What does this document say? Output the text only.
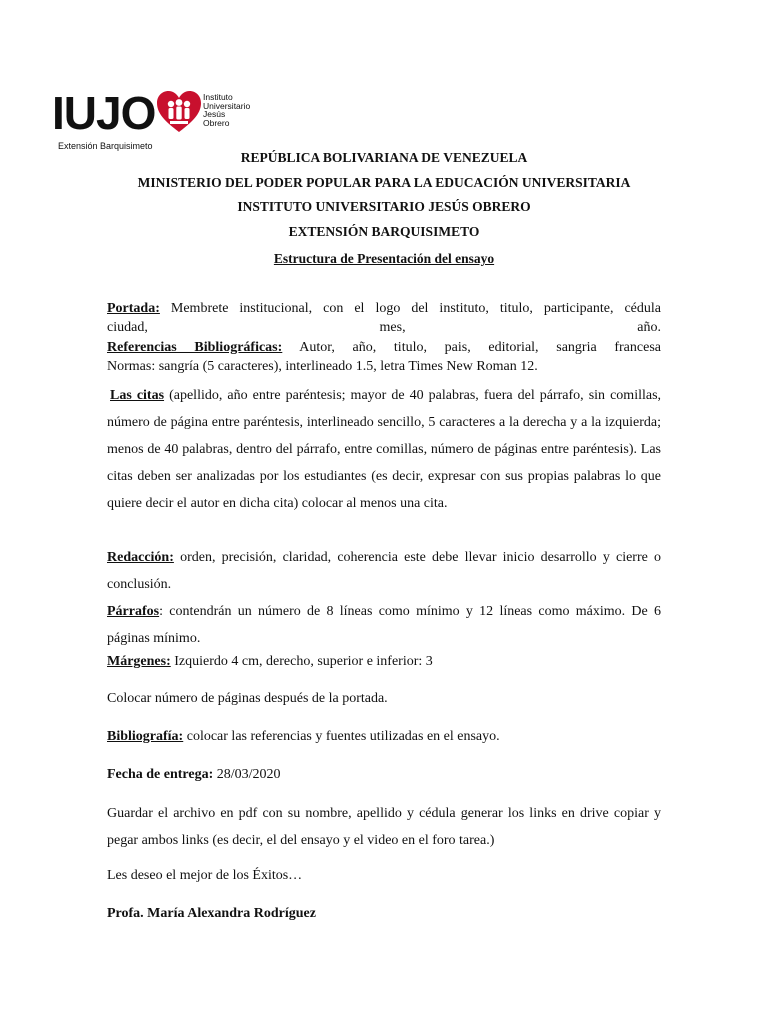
IUJO	Instituto
Universitario
Jesús
Obrero
Extensión Barquisimeto
REPÚBLICA BOLIVARIANA DE VENEZUELA
MINISTERIO DEL PODER POPULAR PARA LA EDUCACIÓN UNIVERSITARIA
INSTITUTO UNIVERSITARIO JESÚS OBRERO
EXTENSIÓN BARQUISIMETO
Estructura de Presentación del ensayo
Portada: Membrete institucional, con el logo del instituto, titulo, participante, cédula
ciudad,	mes,	año.
Referencias Bibliográficas: Autor, año, titulo, pais, editorial, sangria francesa
Normas: sangría (5 caracteres), interlineado 1.5, letra Times New Roman 12.
Las citas (apellido, año entre paréntesis; mayor de 40 palabras, fuera del párrafo, sin comillas, número de página entre paréntesis, interlineado sencillo, 5 caracteres a la derecha y a la izquierda; menos de 40 palabras, dentro del párrafo, entre comillas, número de páginas entre paréntesis). Las citas deben ser analizadas por los estudiantes (es decir, expresar con sus propias palabras lo que quiere decir el autor en dicha cita) colocar al menos una cita.
Redacción: orden, precisión, claridad, coherencia este debe llevar inicio desarrollo y cierre o conclusión.
Párrafos: contendrán un número de 8 líneas como mínimo y 12 líneas como máximo. De 6 páginas mínimo.
Márgenes: Izquierdo 4 cm, derecho, superior e inferior: 3
Colocar número de páginas después de la portada.
Bibliografía: colocar las referencias y fuentes utilizadas en el ensayo.
Fecha de entrega: 28/03/2020
Guardar el archivo en pdf con su nombre, apellido y cédula generar los links en drive copiar y pegar ambos links (es decir, el del ensayo y el video en el foro tarea.)
Les deseo el mejor de los Éxitos…
Profa. María Alexandra Rodríguez
